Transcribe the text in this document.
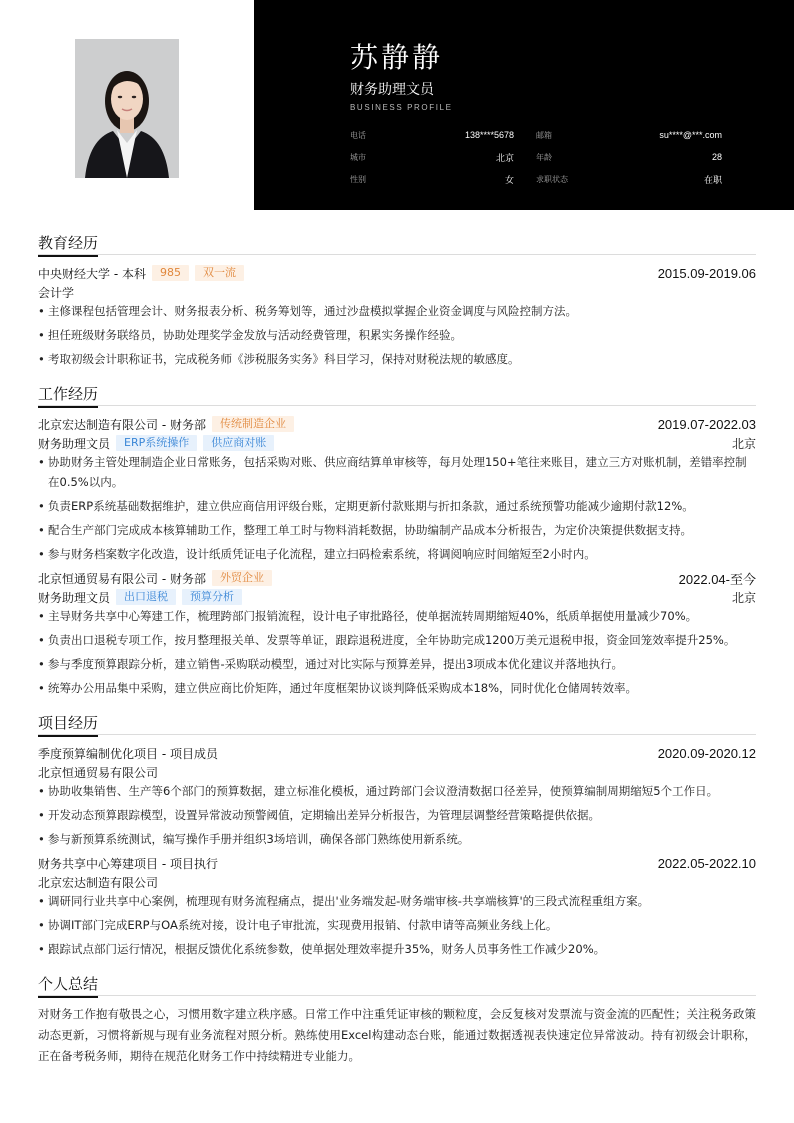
苏静静
财务助理文员
BUSINESS PROFILE
电话	138****5678	邮箱	su****@***.com
城市	北京	年龄	28
性别	女	求职状态	在职
教育经历
中央财经大学 - 本科	985	双一流	2015.09-2019.06
会计学
• 主修课程包括管理会计、财务报表分析、税务筹划等，通过沙盘模拟掌握企业资金调度与风险控制方法。
• 担任班级财务联络员，协助处理奖学金发放与活动经费管理，积累实务操作经验。
• 考取初级会计职称证书，完成税务师《涉税服务实务》科目学习，保持对财税法规的敏感度。
工作经历
北京宏达制造有限公司 - 财务部	传统制造企业	2019.07-2022.03
财务助理文员	ERP系统操作	供应商对账	北京
• 协助财务主管处理制造企业日常账务，包括采购对账、供应商结算单审核等，每月处理150+笔往来账目，建立三方对账机制，差错率控制在0.5%以内。
• 负责ERP系统基础数据维护，建立供应商信用评级台账，定期更新付款账期与折扣条款，通过系统预警功能减少逾期付款12%。
• 配合生产部门完成成本核算辅助工作，整理工单工时与物料消耗数据，协助编制产品成本分析报告，为定价决策提供数据支持。
• 参与财务档案数字化改造，设计纸质凭证电子化流程，建立扫码检索系统，将调阅响应时间缩短至2小时内。
北京恒通贸易有限公司 - 财务部	外贸企业	2022.04-至今
财务助理文员	出口退税	预算分析	北京
• 主导财务共享中心筹建工作，梳理跨部门报销流程，设计电子审批路径，使单据流转周期缩短40%，纸质单据使用量减少70%。
• 负责出口退税专项工作，按月整理报关单、发票等单证，跟踪退税进度，全年协助完成1200万美元退税申报，资金回笼效率提升25%。
• 参与季度预算跟踪分析，建立销售-采购联动模型，通过对比实际与预算差异，提出3项成本优化建议并落地执行。
• 统筹办公用品集中采购，建立供应商比价矩阵，通过年度框架协议谈判降低采购成本18%，同时优化仓储周转效率。
项目经历
季度预算编制优化项目 - 项目成员	2020.09-2020.12
北京恒通贸易有限公司
• 协助收集销售、生产等6个部门的预算数据，建立标准化模板，通过跨部门会议澄清数据口径差异，使预算编制周期缩短5个工作日。
• 开发动态预算跟踪模型，设置异常波动预警阈值，定期输出差异分析报告，为管理层调整经营策略提供依据。
• 参与新预算系统测试，编写操作手册并组织3场培训，确保各部门熟练使用新系统。
财务共享中心筹建项目 - 项目执行	2022.05-2022.10
北京宏达制造有限公司
• 调研同行业共享中心案例，梳理现有财务流程痛点，提出'业务端发起-财务端审核-共享端核算'的三段式流程重组方案。
• 协调IT部门完成ERP与OA系统对接，设计电子审批流，实现费用报销、付款申请等高频业务线上化。
• 跟踪试点部门运行情况，根据反馈优化系统参数，使单据处理效率提升35%，财务人员事务性工作减少20%。
个人总结

对财务工作抱有敬畏之心，习惯用数字建立秩序感。日常工作中注重凭证审核的颗粒度，会反复核对发票流与资金流的匹配性；关注税务政策动态更新，习惯将新规与现有业务流程对照分析。熟练使用Excel构建动态台账，能通过数据透视表快速定位异常波动。持有初级会计职称，正在备考税务师，期待在规范化财务工作中持续精进专业能力。
